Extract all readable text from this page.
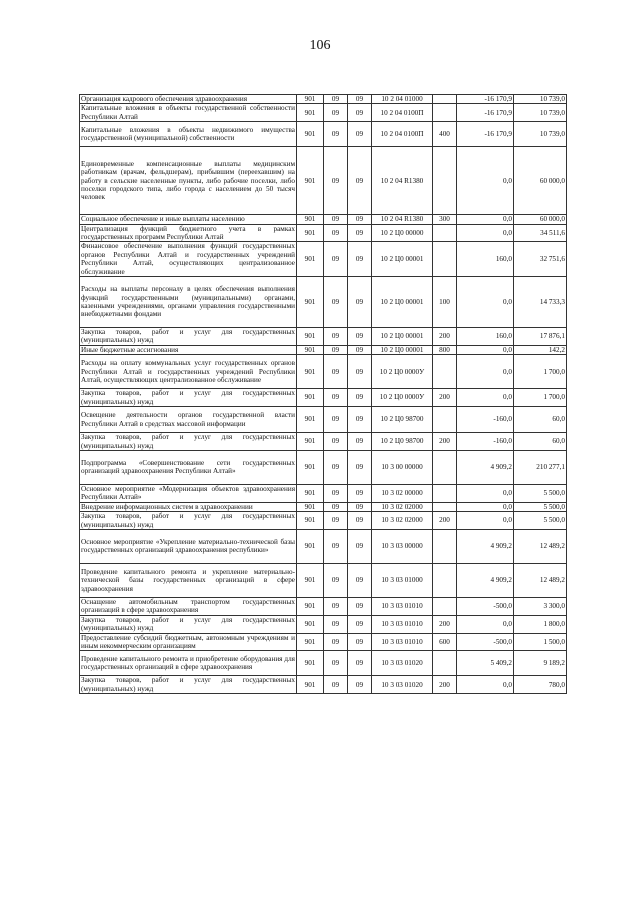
106
Организация кадрового обеспечения здравоохранения	901	09	09	10 2 04 01000		-16 170,9	10 739,0
Капитальные вложения в объекты государственной собственности Республики Алтай	901	09	09	10 2 04 0100П		-16 170,9	10 739,0
Капитальные вложения в объекты недвижимого имущества государственной (муниципальной) собственности	901	09	09	10 2 04 0100П	400	-16 170,9	10 739,0
Единовременные компенсационные выплаты медицинским работникам (врачам, фельдшерам), прибывшим (переехавшим) на работу в сельские населенные пункты, либо рабочие поселки, либо поселки городского типа, либо города с населением до 50 тысяч человек	901	09	09	10 2 04 R1380		0,0	60 000,0
Социальное обеспечение и иные выплаты населению	901	09	09	10 2 04 R1380	300	0,0	60 000,0
Централизация функций бюджетного учета в рамках государственных программ Республики Алтай	901	09	09	10 2 Ц0 00000		0,0	34 511,6
Финансовое обеспечение выполнения функций государственных органов Республики Алтай и государственных учреждений Республики Алтай, осуществляющих централизованное обслуживание	901	09	09	10 2 Ц0 00001		160,0	32 751,6
Расходы на выплаты персоналу в целях обеспечения выполнения функций государственными (муниципальными) органами, казенными учреждениями, органами управления государственными внебюджетными фондами	901	09	09	10 2 Ц0 00001	100	0,0	14 733,3
Закупка товаров, работ и услуг для государственных (муниципальных) нужд	901	09	09	10 2 Ц0 00001	200	160,0	17 876,1
Иные бюджетные ассигнования	901	09	09	10 2 Ц0 00001	800	0,0	142,2
Расходы на оплату коммунальных услуг государственных органов Республики Алтай и государственных учреждений Республики Алтай, осуществляющих централизованное обслуживание	901	09	09	10 2 Ц0 0000У		0,0	1 700,0
Закупка товаров, работ и услуг для государственных (муниципальных) нужд	901	09	09	10 2 Ц0 0000У	200	0,0	1 700,0
Освещение деятельности органов государственной власти Республики Алтай в средствах массовой информации	901	09	09	10 2 Ц0 98700		-160,0	60,0
Закупка товаров, работ и услуг для государственных (муниципальных) нужд	901	09	09	10 2 Ц0 98700	200	-160,0	60,0
Подпрограмма «Совершенствование сети государственных организаций здравоохранения Республики Алтай»	901	09	09	10 3 00 00000		4 909,2	210 277,1
Основное мероприятие «Модернизация объектов здравоохранения Республики Алтай»	901	09	09	10 3 02 00000		0,0	5 500,0
Внедрение информационных систем в здравоохранении	901	09	09	10 3 02 02000		0,0	5 500,0
Закупка товаров, работ и услуг для государственных (муниципальных) нужд	901	09	09	10 3 02 02000	200	0,0	5 500,0
Основное мероприятие «Укрепление материально-технической базы государственных организаций здравоохранения республики»	901	09	09	10 3 03 00000		4 909,2	12 489,2
Проведение капитального ремонта и укрепление материально-технической базы государственных организаций в сфере здравоохранения	901	09	09	10 3 03 01000		4 909,2	12 489,2
Оснащение автомобильным транспортом государственных организаций в сфере здравоохранения	901	09	09	10 3 03 01010		-500,0	3 300,0
Закупка товаров, работ и услуг для государственных (муниципальных) нужд	901	09	09	10 3 03 01010	200	0,0	1 800,0
Предоставление субсидий бюджетным, автономным учреждениям и иным некоммерческим организациям	901	09	09	10 3 03 01010	600	-500,0	1 500,0
Проведение капитального ремонта и приобретение оборудования для государственных организаций в сфере здравоохранения	901	09	09	10 3 03 01020		5 409,2	9 189,2
Закупка товаров, работ и услуг для государственных (муниципальных) нужд	901	09	09	10 3 03 01020	200	0,0	780,0
